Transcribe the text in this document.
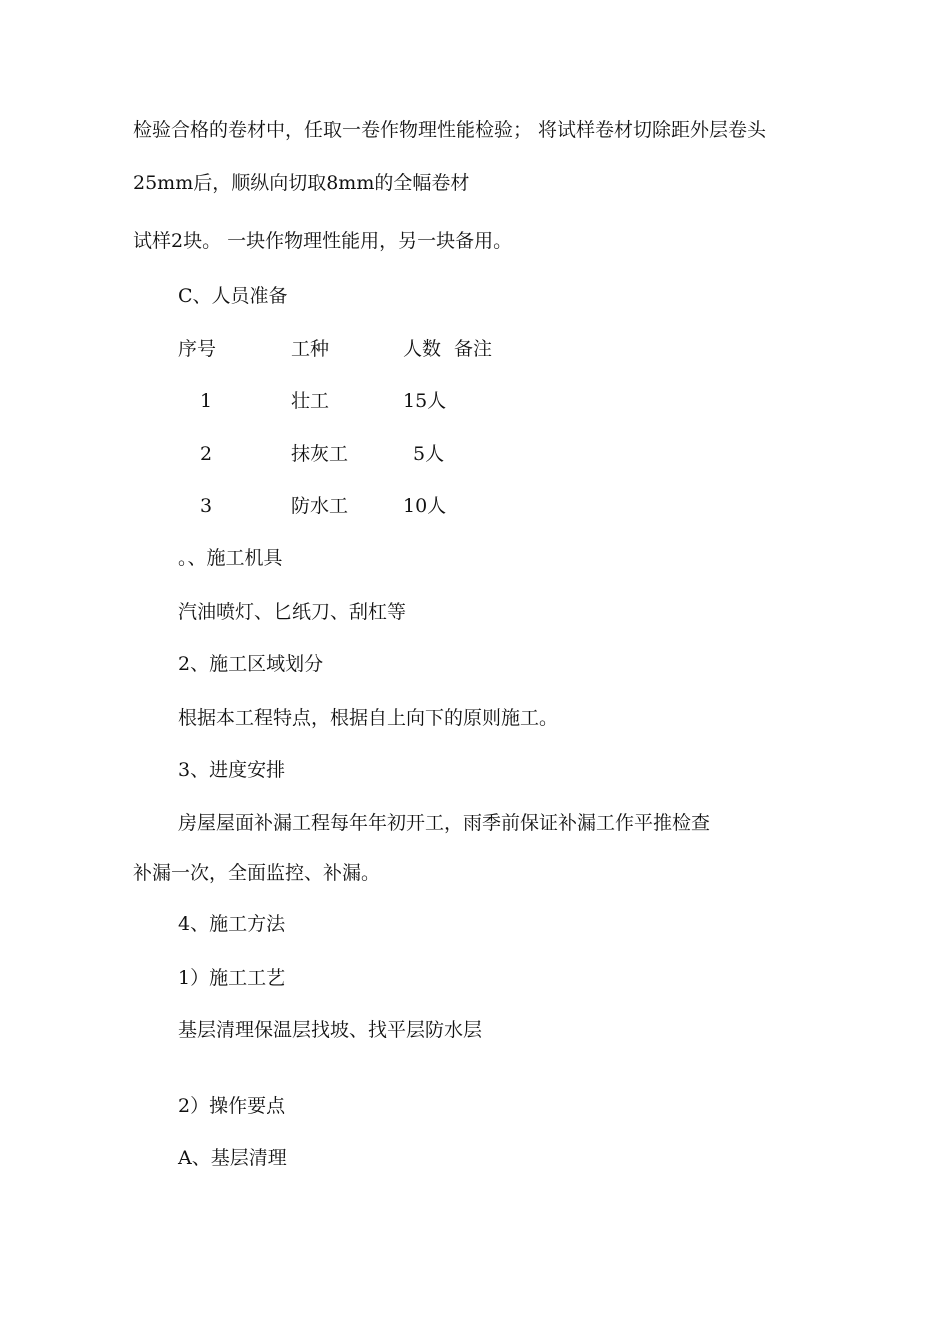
检验合格的卷材中，任取一卷作物理性能检验； 将试样卷材切除距外层卷头
25mm后，顺纵向切取8mm的全幅卷材
试样2块。 一块作物理性能用，另一块备用。
C、人员准备
序号	工种	人数 备注
1	壮工	15人
2	抹灰工	5人
3	防水工	10人
。、施工机具
汽油喷灯、匕纸刀、刮杠等
2、施工区域划分
根据本工程特点，根据自上向下的原则施工。
3、进度安排
房屋屋面补漏工程每年年初开工，雨季前保证补漏工作平推检查
补漏一次，全面监控、补漏。
4、施工方法
1）施工工艺
基层清理保温层找坡、找平层防水层
2）操作要点
A、基层清理
